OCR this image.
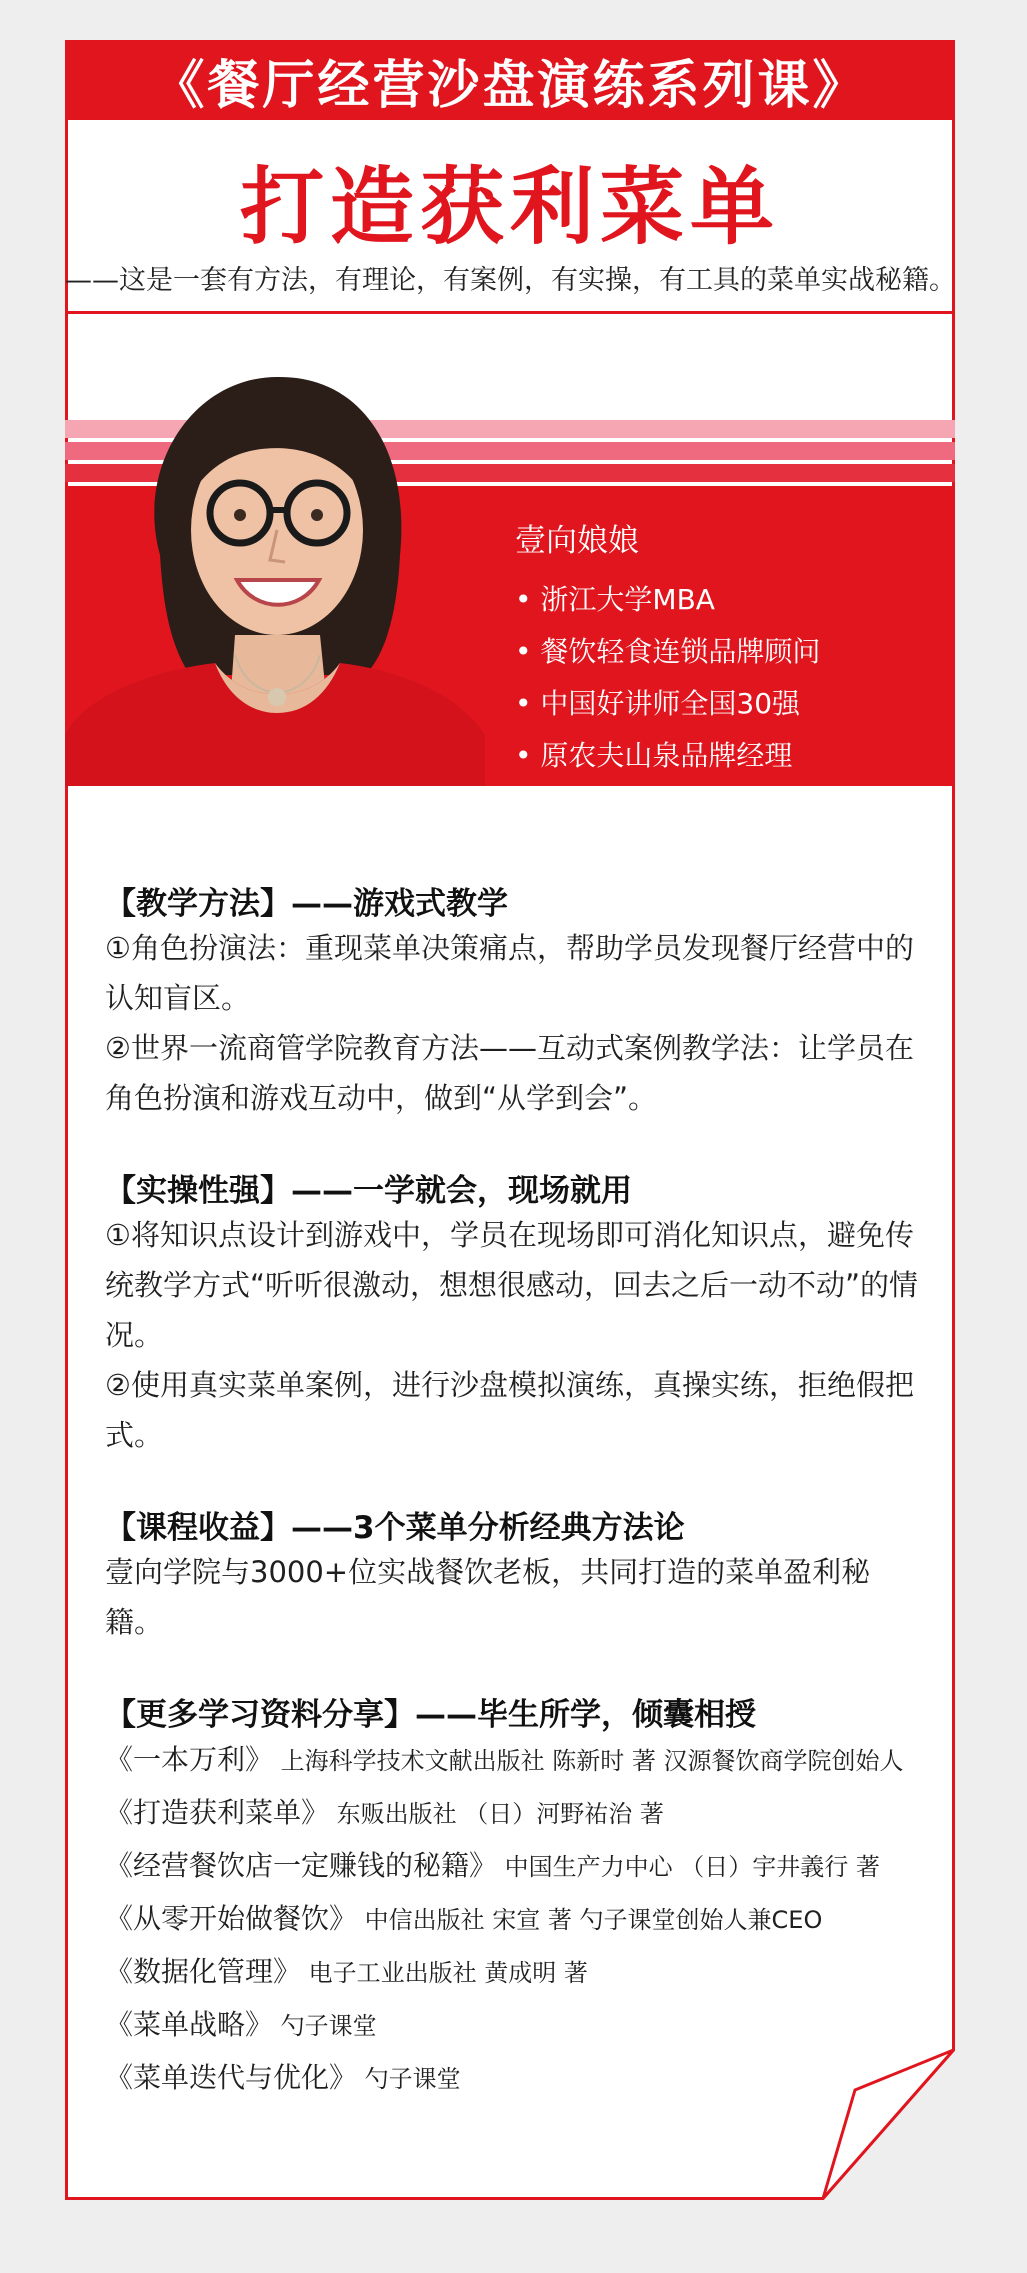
《餐厅经营沙盘演练系列课》
打造获利菜单
——这是一套有方法，有理论，有案例，有实操，有工具的菜单实战秘籍。
壹向娘娘
• 浙江大学MBA
• 餐饮轻食连锁品牌顾问
• 中国好讲师全国30强
• 原农夫山泉品牌经理
【教学方法】——游戏式教学
①角色扮演法：重现菜单决策痛点，帮助学员发现餐厅经营中的认知盲区。
②世界一流商管学院教育方法——互动式案例教学法：让学员在角色扮演和游戏互动中，做到“从学到会”。
【实操性强】——一学就会，现场就用
①将知识点设计到游戏中，学员在现场即可消化知识点，避免传统教学方式“听听很激动，想想很感动，回去之后一动不动”的情况。
②使用真实菜单案例，进行沙盘模拟演练，真操实练，拒绝假把式。
【课程收益】——3个菜单分析经典方法论
壹向学院与3000+位实战餐饮老板，共同打造的菜单盈利秘籍。
【更多学习资料分享】——毕生所学，倾囊相授
《一本万利》 上海科学技术文献出版社 陈新时 著 汉源餐饮商学院创始人
《打造获利菜单》 东贩出版社 （日）河野祐治 著
《经营餐饮店一定赚钱的秘籍》 中国生产力中心 （日）宇井義行 著
《从零开始做餐饮》 中信出版社 宋宣 著 勺子课堂创始人兼CEO
《数据化管理》 电子工业出版社 黄成明 著
《菜单战略》 勺子课堂
《菜单迭代与优化》 勺子课堂
